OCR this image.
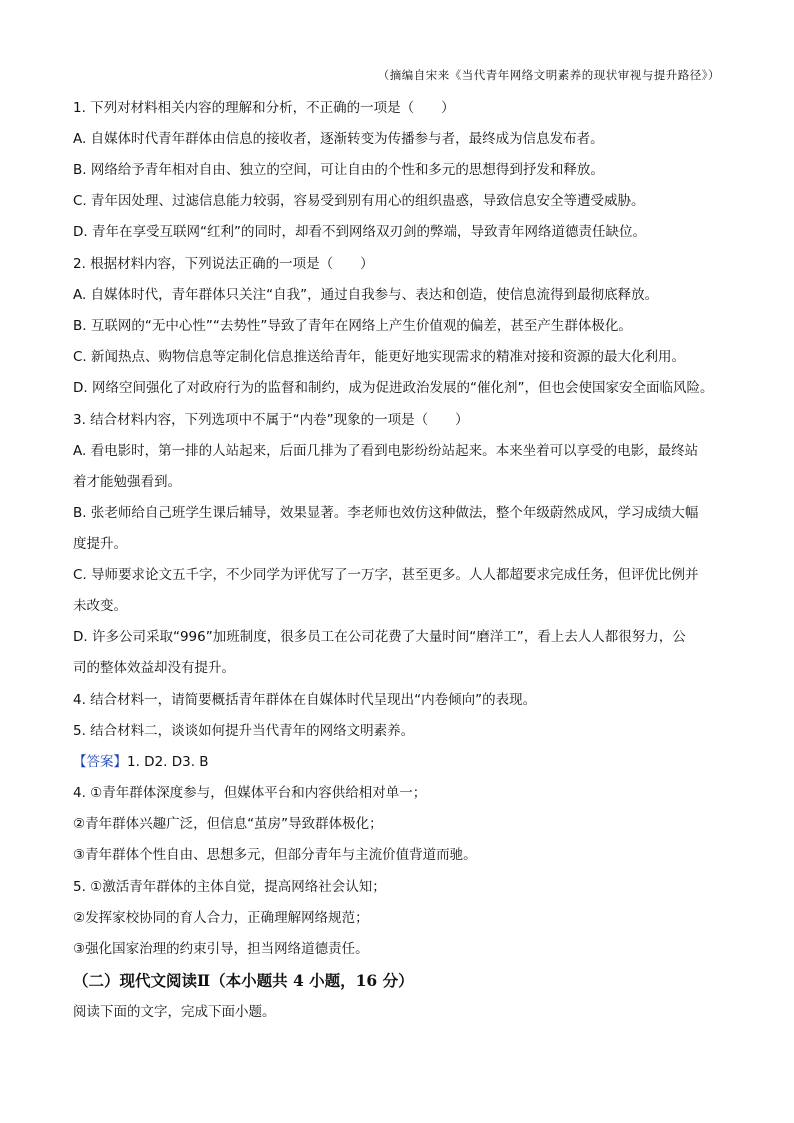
（摘编自宋来《当代青年网络文明素养的现状审视与提升路径》）
1. 下列对材料相关内容的理解和分析，不正确的一项是（　　）
A. 自媒体时代青年群体由信息的接收者，逐渐转变为传播参与者，最终成为信息发布者。
B. 网络给予青年相对自由、独立的空间，可让自由的个性和多元的思想得到抒发和释放。
C. 青年因处理、过滤信息能力较弱，容易受到别有用心的组织蛊惑，导致信息安全等遭受威胁。
D. 青年在享受互联网“红利”的同时，却看不到网络双刃剑的弊端，导致青年网络道德责任缺位。
2. 根据材料内容，下列说法正确的一项是（　　）
A. 自媒体时代，青年群体只关注“自我”，通过自我参与、表达和创造，使信息流得到最彻底释放。
B. 互联网的“无中心性”“去势性”导致了青年在网络上产生价值观的偏差，甚至产生群体极化。
C. 新闻热点、购物信息等定制化信息推送给青年，能更好地实现需求的精准对接和资源的最大化利用。
D. 网络空间强化了对政府行为的监督和制约，成为促进政治发展的“催化剂”，但也会使国家安全面临风险。
3. 结合材料内容，下列选项中不属于“内卷”现象的一项是（　　）
A. 看电影时，第一排的人站起来，后面几排为了看到电影纷纷站起来。本来坐着可以享受的电影，最终站
着才能勉强看到。
B. 张老师给自己班学生课后辅导，效果显著。李老师也效仿这种做法，整个年级蔚然成风，学习成绩大幅
度提升。
C. 导师要求论文五千字，不少同学为评优写了一万字，甚至更多。人人都超要求完成任务，但评优比例并
未改变。
D. 许多公司采取“996”加班制度，很多员工在公司花费了大量时间“磨洋工”，看上去人人都很努力，公
司的整体效益却没有提升。
4. 结合材料一，请简要概括青年群体在自媒体时代呈现出“内卷倾向”的表现。
5. 结合材料二，谈谈如何提升当代青年的网络文明素养。
【答案】1. D2. D3. B
4. ①青年群体深度参与，但媒体平台和内容供给相对单一；
②青年群体兴趣广泛，但信息“茧房”导致群体极化；
③青年群体个性自由、思想多元，但部分青年与主流价值背道而驰。
5. ①激活青年群体的主体自觉，提高网络社会认知；
②发挥家校协同的育人合力，正确理解网络规范；
③强化国家治理的约束引导，担当网络道德责任。
（二）现代文阅读Ⅱ（本小题共 4 小题，16 分）
阅读下面的文字，完成下面小题。
